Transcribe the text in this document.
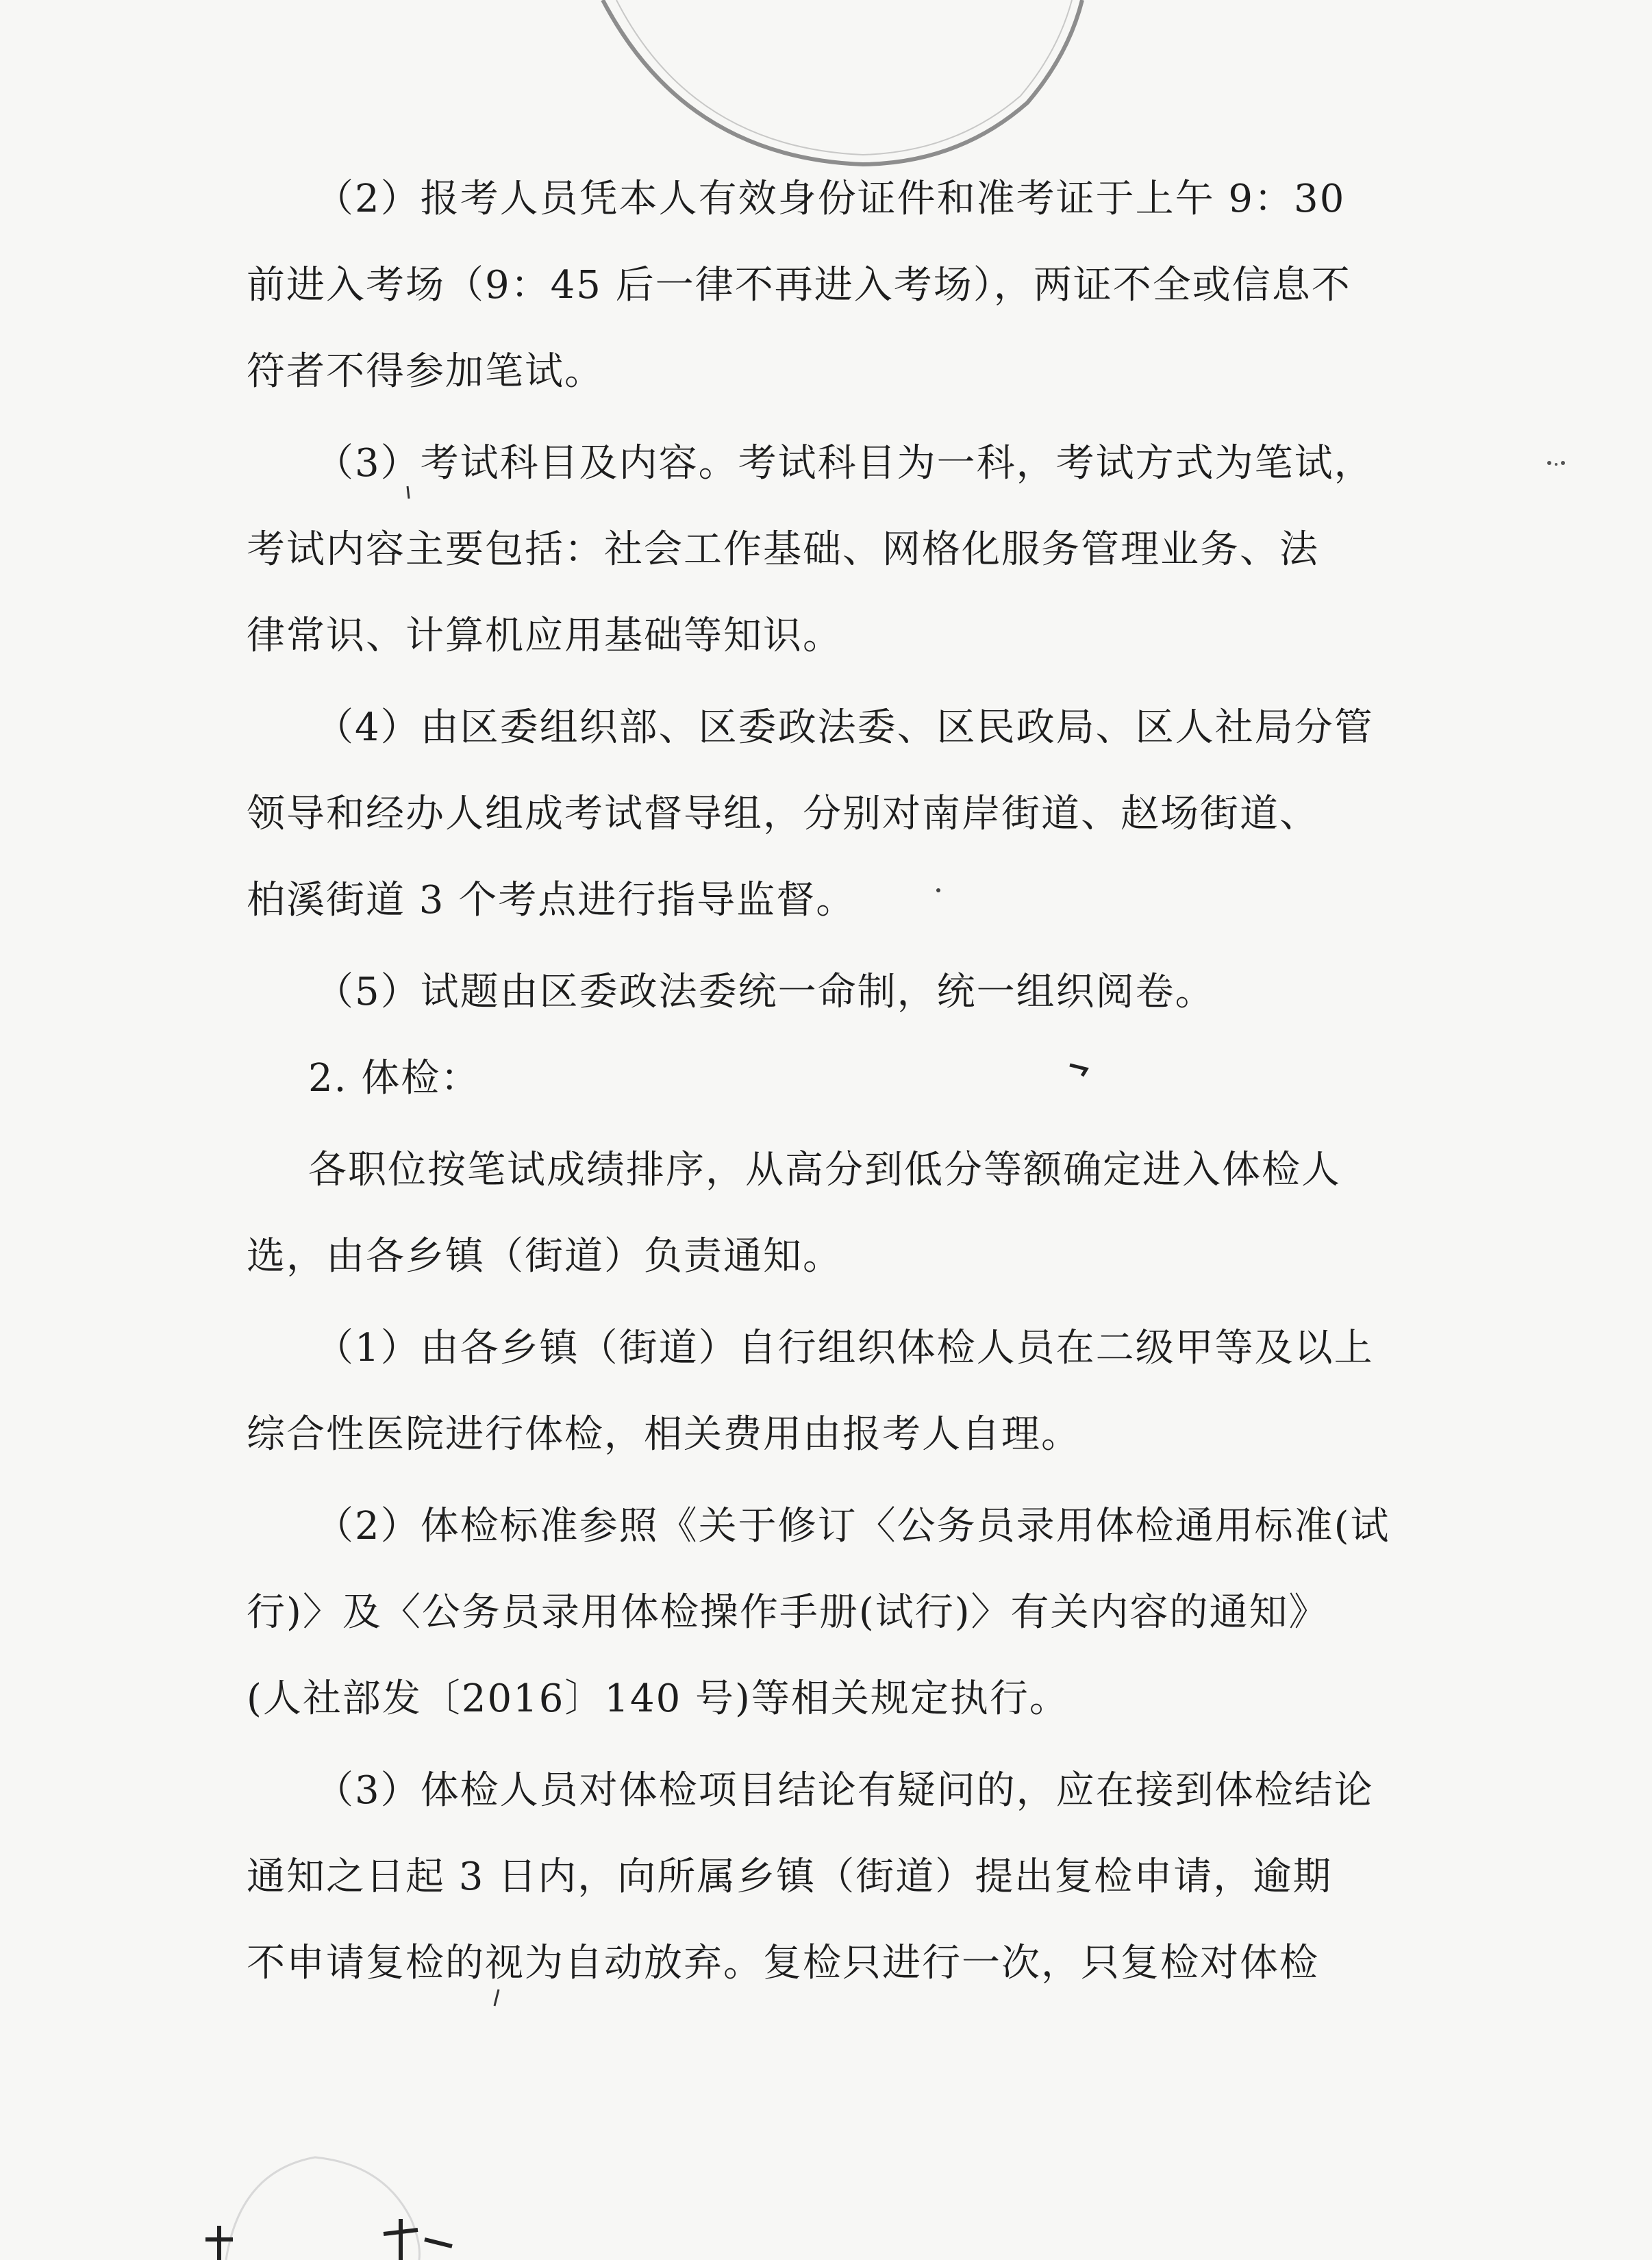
（2）报考人员凭本人有效身份证件和准考证于上午 9：30
前进入考场（9：45 后一律不再进入考场），两证不全或信息不
符者不得参加笔试。
（3）考试科目及内容。考试科目为一科，考试方式为笔试，
考试内容主要包括：社会工作基础、网格化服务管理业务、法
律常识、计算机应用基础等知识。
（4）由区委组织部、区委政法委、区民政局、区人社局分管
领导和经办人组成考试督导组，分别对南岸街道、赵场街道、
柏溪街道 3 个考点进行指导监督。
（5）试题由区委政法委统一命制，统一组织阅卷。
2. 体检：
各职位按笔试成绩排序，从高分到低分等额确定进入体检人
选，由各乡镇（街道）负责通知。
（1）由各乡镇（街道）自行组织体检人员在二级甲等及以上
综合性医院进行体检，相关费用由报考人自理。
（2）体检标准参照《关于修订〈公务员录用体检通用标准(试
行)〉及〈公务员录用体检操作手册(试行)〉有关内容的通知》
(人社部发〔2016〕140 号)等相关规定执行。
（3）体检人员对体检项目结论有疑问的，应在接到体检结论
通知之日起 3 日内，向所属乡镇（街道）提出复检申请，逾期
不申请复检的视为自动放弃。复检只进行一次，只复检对体检
